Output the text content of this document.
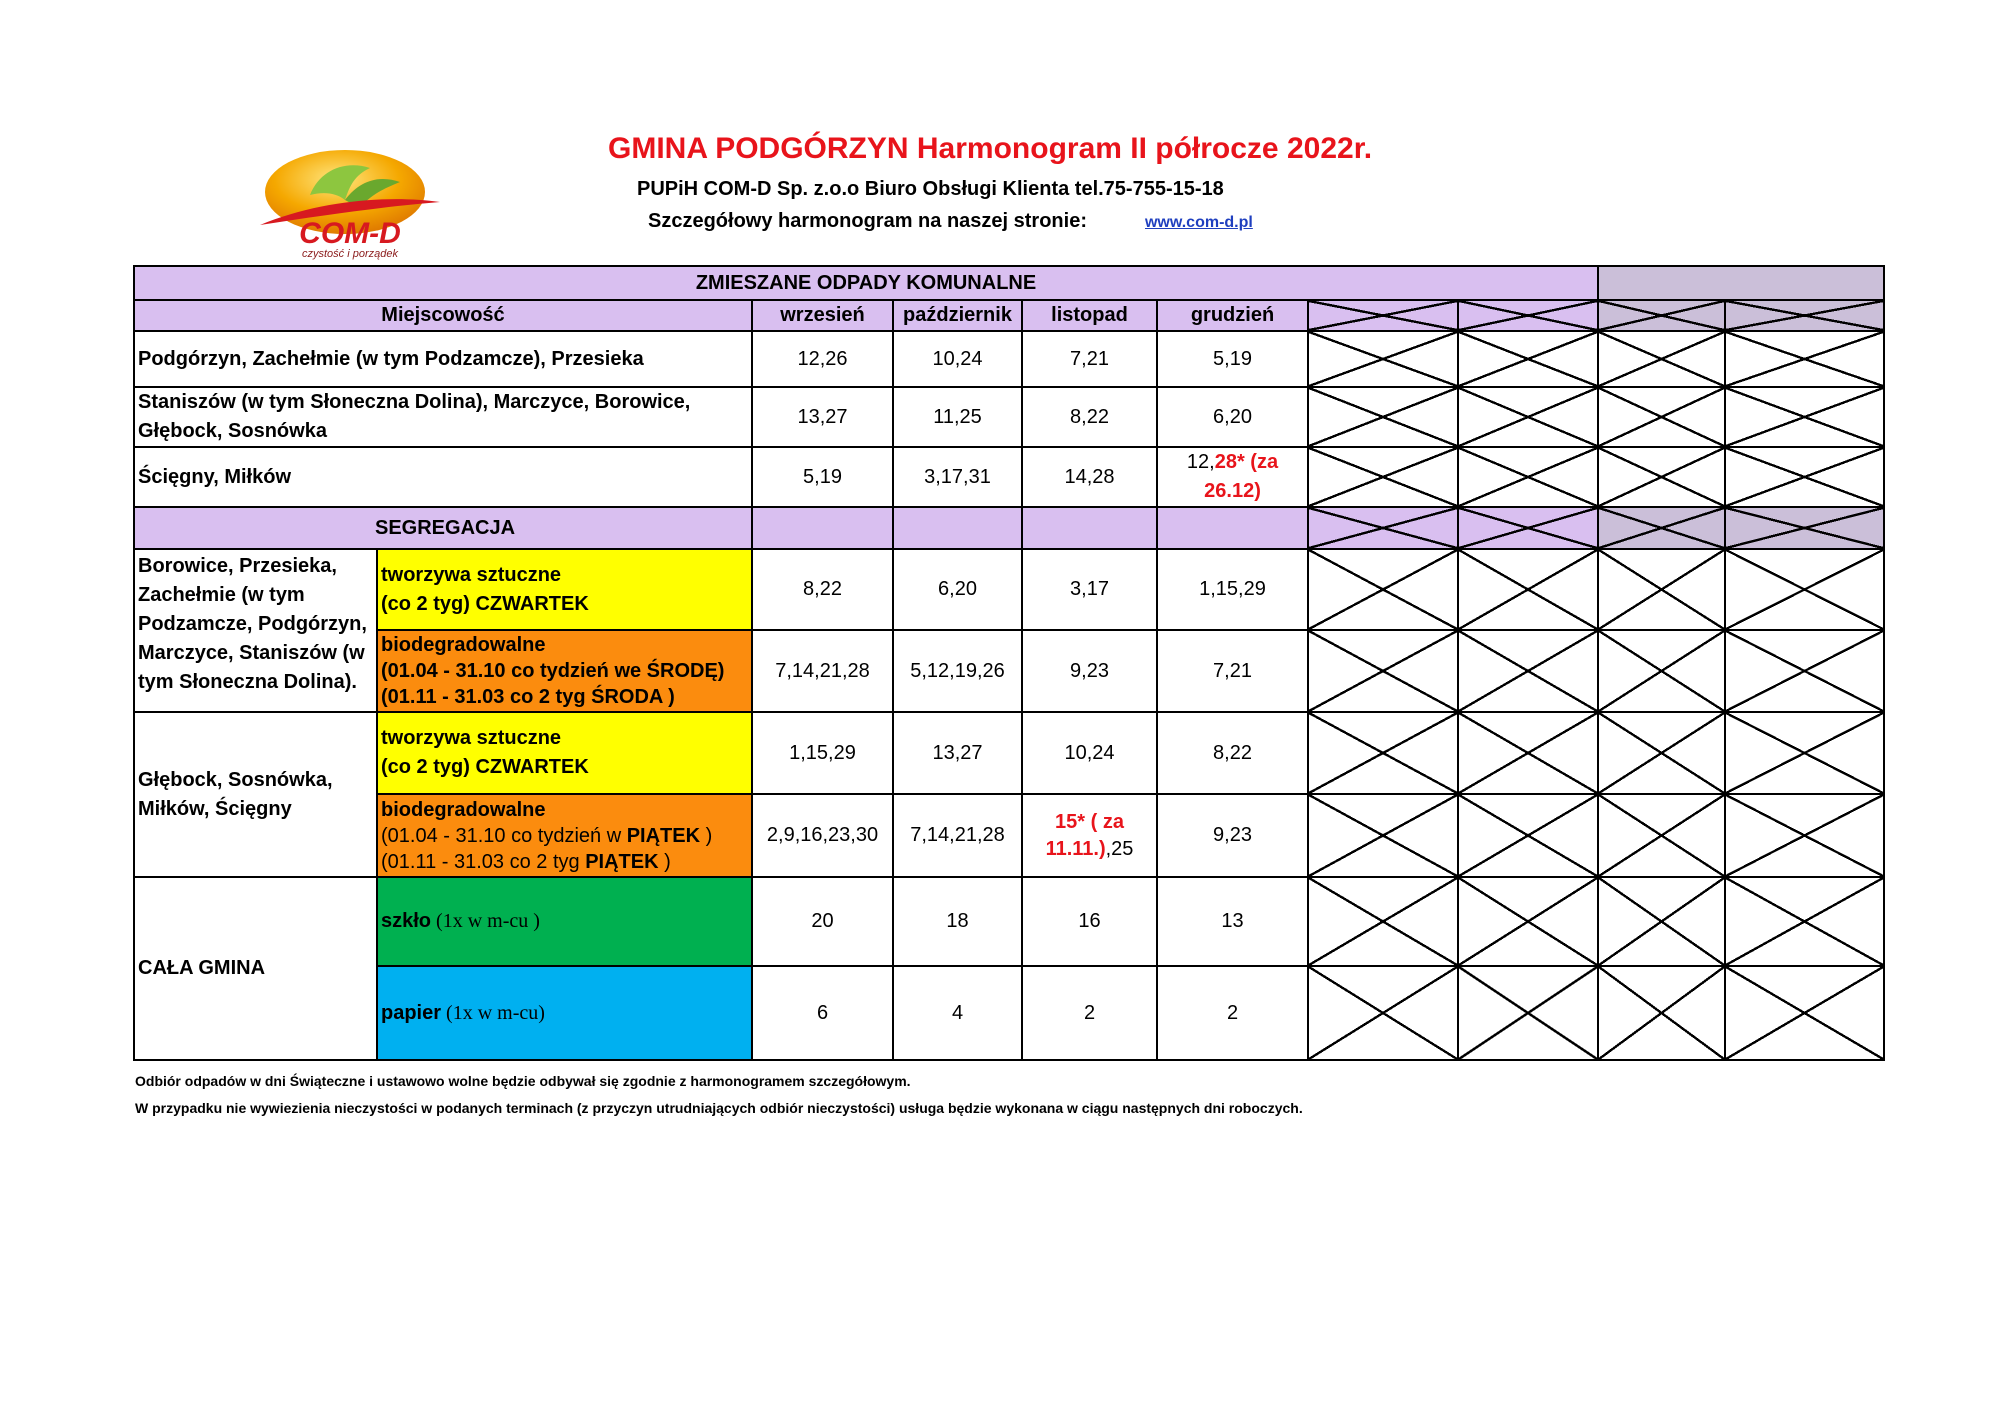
COM-D
czystość i porządek
GMINA PODGÓRZYN Harmonogram II półrocze 2022r.
PUPiH COM-D Sp. z.o.o Biuro Obsługi Klienta tel.75-755-15-18
Szczegółowy harmonogram na naszej stronie:	www.com-d.pl
ZMIESZANE ODPADY KOMUNALNE									
Miejscowość		wrzesień	październik	listopad	grudzień				
Podgórzyn, Zachełmie (w tym Podzamcze), Przesieka		12,26	10,24	7,21	5,19				
Staniszów (w tym Słoneczna Dolina), Marczyce, Borowice, Głębock, Sosnówka		13,27	11,25	8,22	6,20				
Ścięgny, Miłków		5,19	3,17,31	14,28	12,28* (za 26.12)				
SEGREGACJA									
Borowice, Przesieka, Zachełmie (w tym Podzamcze, Podgórzyn, Marczyce, Staniszów (w tym Słoneczna Dolina).	tworzywa sztuczne
(co 2 tyg) CZWARTEK	8,22	6,20	3,17	1,15,29				

	biodegradowalne
(01.04 - 31.10 co tydzień we ŚRODĘ)
(01.11 - 31.03 co 2 tyg ŚRODA )	7,14,21,28	5,12,19,26	9,23	7,21				
Głębock, Sosnówka, Miłków, Ścięgny	tworzywa sztuczne
(co 2 tyg) CZWARTEK	1,15,29	13,27	10,24	8,22				

	biodegradowalne
(01.04 - 31.10 co tydzień w PIĄTEK )
(01.11 - 31.03 co 2 tyg PIĄTEK )	2,9,16,23,30	7,14,21,28	15* ( za 11.11.),25	9,23				
CAŁA GMINA	szkło (1x w m-cu )	20	18	16	13				
	papier (1x w m-cu)	6	4	2	2				
Odbiór odpadów w dni Świąteczne i ustawowo wolne będzie odbywał się zgodnie z harmonogramem szczegółowym.
W przypadku nie wywiezienia nieczystości w podanych terminach (z przyczyn utrudniających odbiór nieczystości) usługa będzie wykonana w ciągu następnych dni roboczych.
